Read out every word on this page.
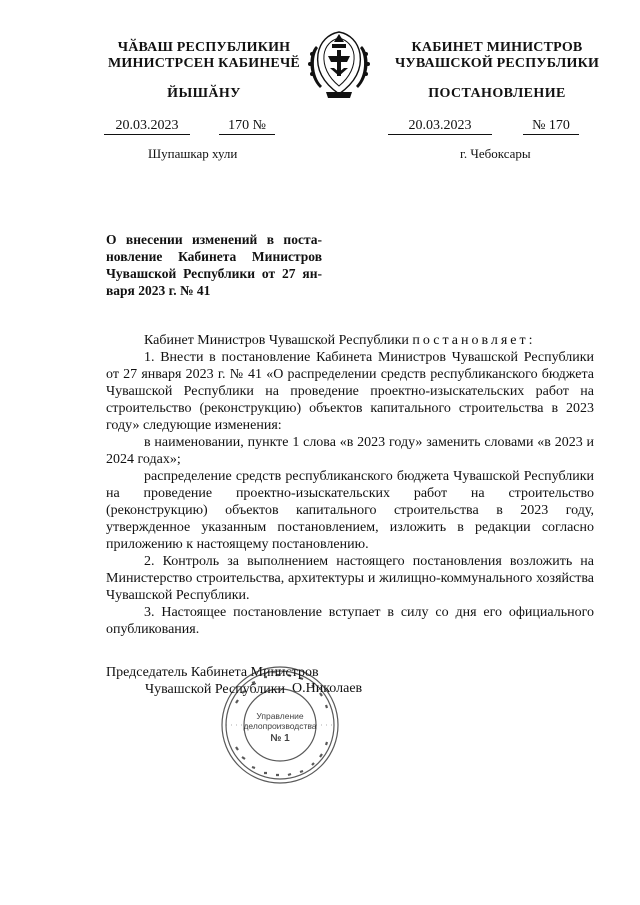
ЧӐВАШ РЕСПУБЛИКИН
МИНИСТРСЕН КАБИНЕЧӖ
ЙЫШӐНУ
КАБИНЕТ МИНИСТРОВ
ЧУВАШСКОЙ РЕСПУБЛИКИ
ПОСТАНОВЛЕНИЕ
20.03.2023	170 №	20.03.2023	№ 170
Шупашкар хули	г. Чебоксары
О внесении изменений в поста-новление Кабинета Министров Чувашской Республики от 27 ян-варя 2023 г. № 41

Кабинет Министров Чувашской Республики постановляет:

1. Внести в постановление Кабинета Министров Чувашской Республики от 27 января 2023 г. № 41 «О распределении средств республиканского бюджета Чувашской Республики на проведение проектно-изыскательских работ на строительство (реконструкцию) объектов капитального строительства в 2023 году» следующие изменения:

в наименовании, пункте 1 слова «в 2023 году» заменить словами «в 2023 и 2024 годах»;

распределение средств республиканского бюджета Чувашской Республики на проведение проектно-изыскательских работ на строительство (реконструкцию) объектов капитального строительства в 2023 году, утвержденное указанным постановлением, изложить в редакции согласно приложению к настоящему постановлению.

2. Контроль за выполнением настоящего постановления возложить на Министерство строительства, архитектуры и жилищно-коммунального хозяйства Чувашской Республики.

3. Настоящее постановление вступает в силу со дня его официального опубликования.

Управление
делопроизводства
№ 1
Председатель Кабинета Министров
Чувашской Республики О.Николаев
